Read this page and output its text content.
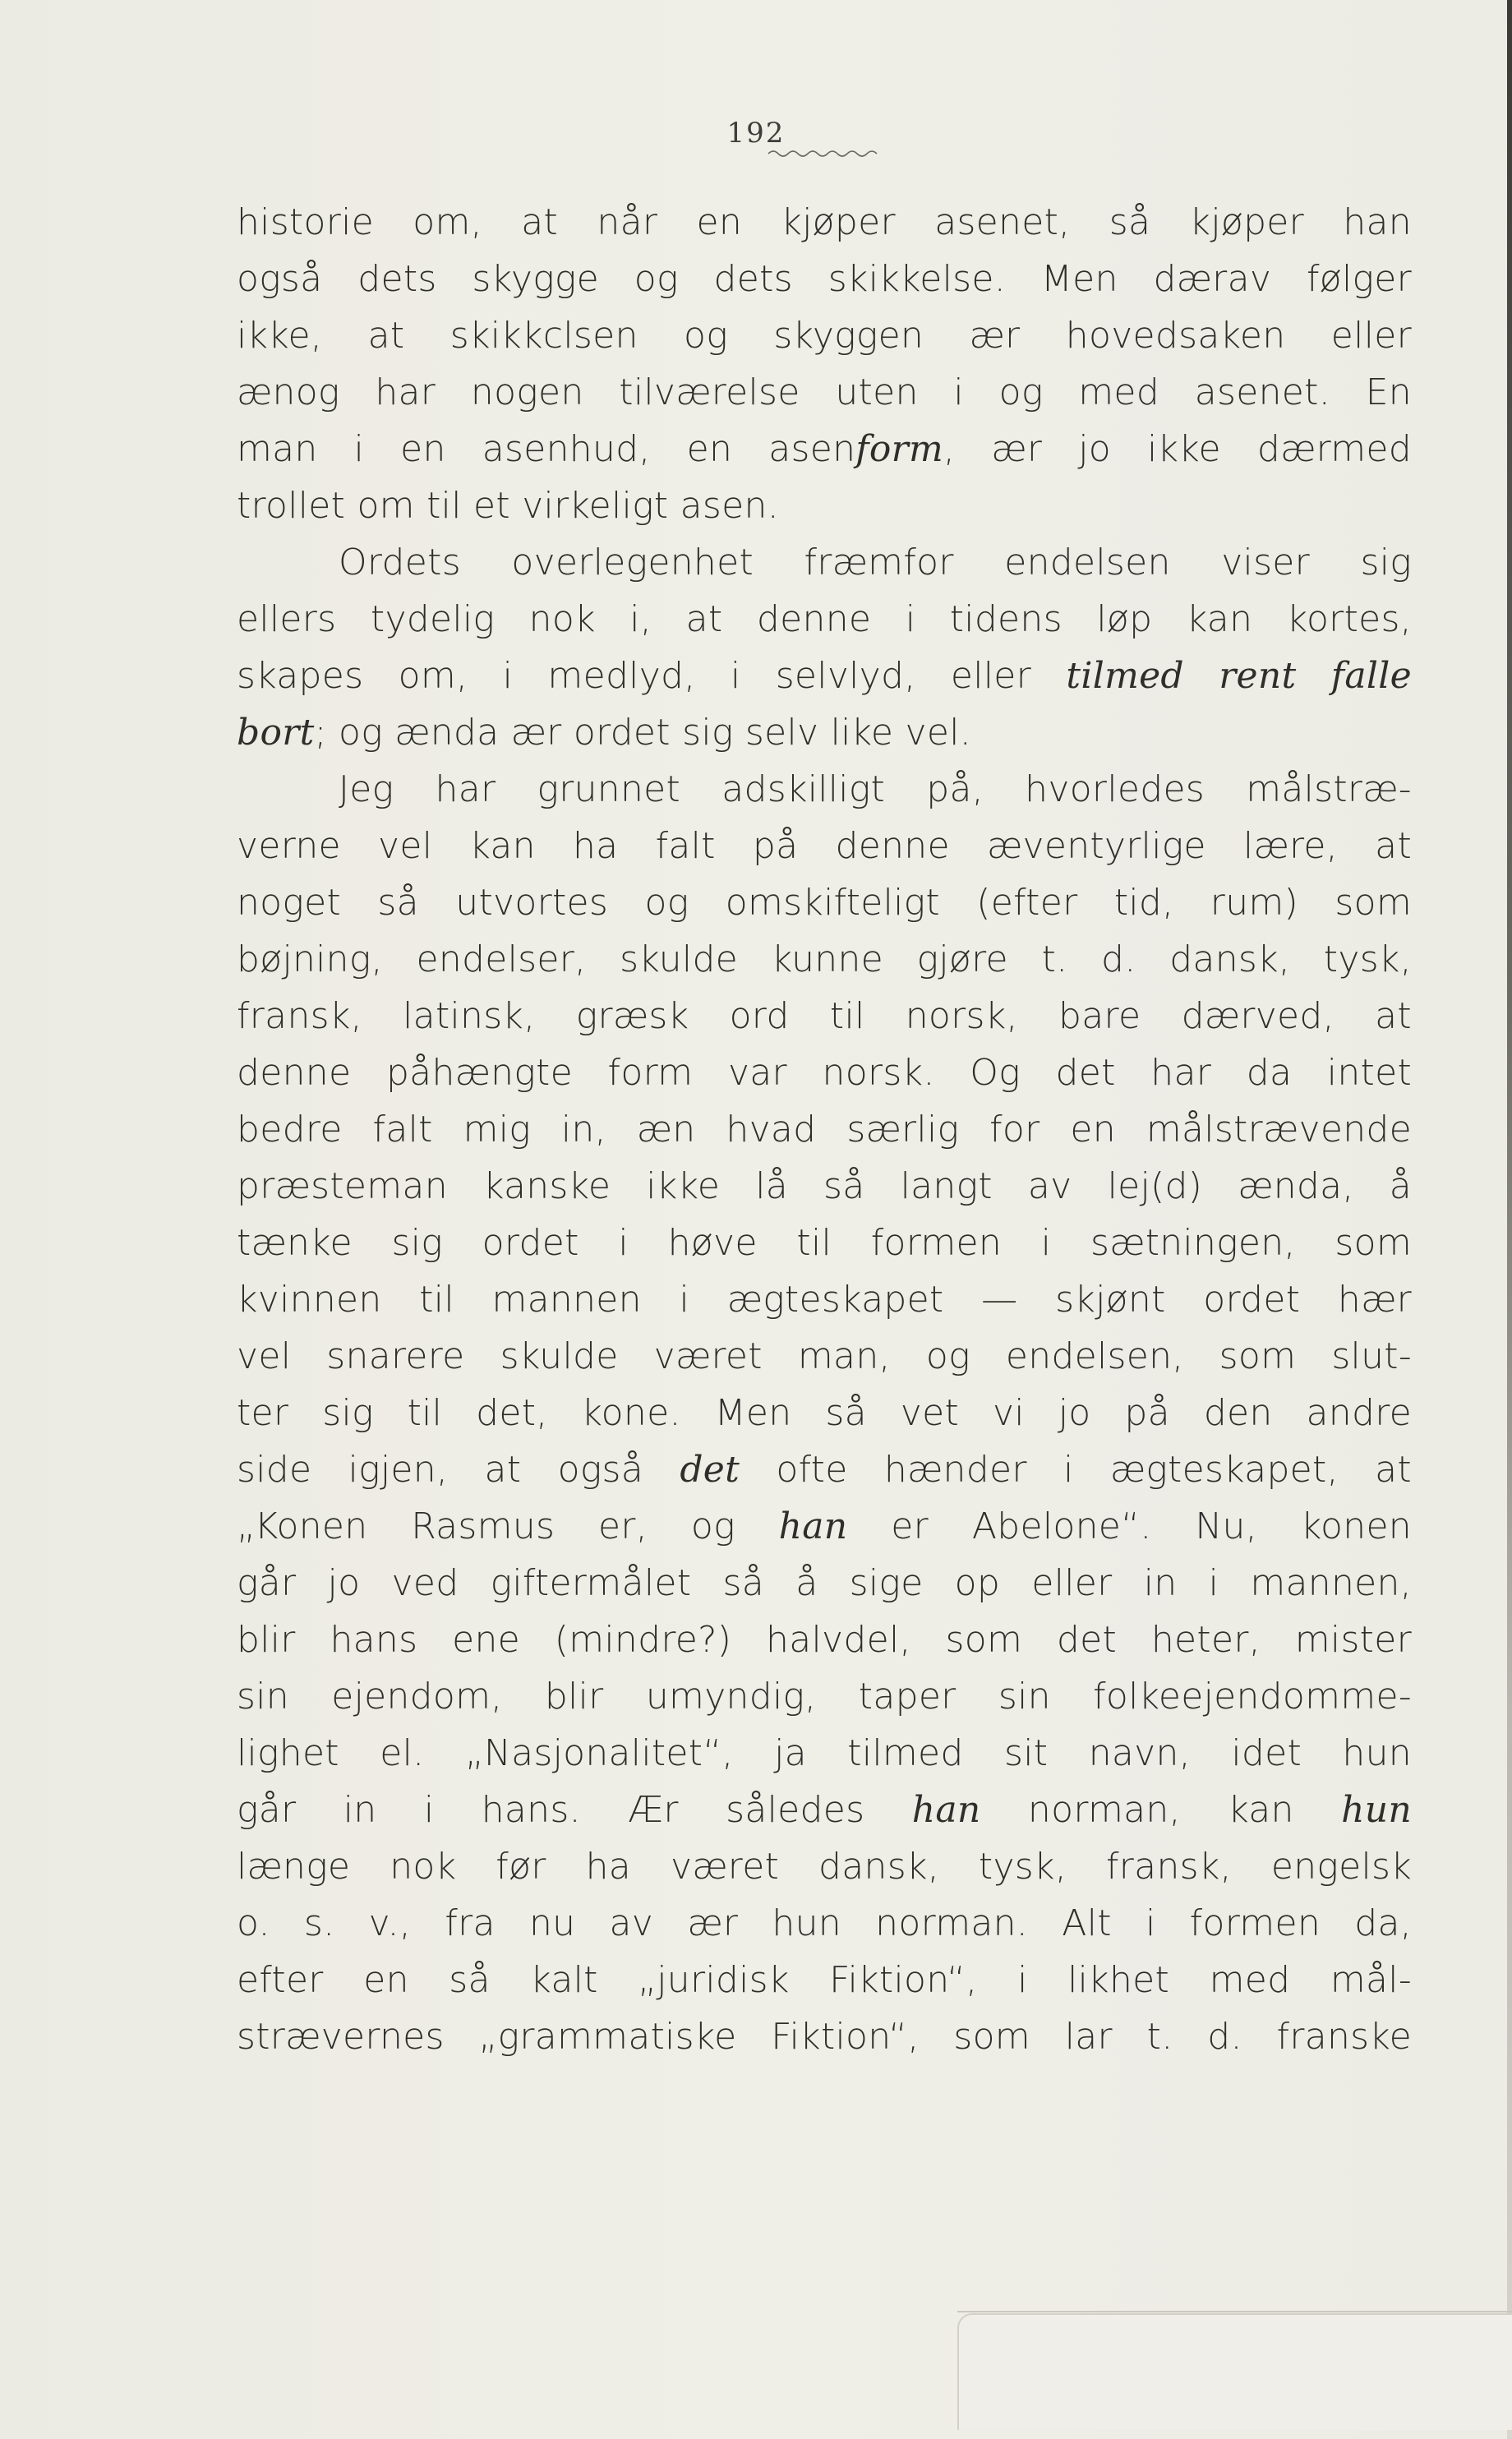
192
historie om, at når en kjøper asenet, så kjøper han
også dets skygge og dets skikkelse. Men dærav følger
ikke, at skikkclsen og skyggen ær hovedsaken eller
ænog har nogen tilværelse uten i og med asenet. En
man i en asenhud, en asenform, ær jo ikke dærmed
trollet om til et virkeligt asen.
Ordets overlegenhet fræmfor endelsen viser sig
ellers tydelig nok i, at denne i tidens løp kan kortes,
skapes om, i medlyd, i selvlyd, eller tilmed rent falle
bort; og ænda ær ordet sig selv like vel.
Jeg har grunnet adskilligt på, hvorledes målstræ-
verne vel kan ha falt på denne æventyrlige lære, at
noget så utvortes og omskifteligt (efter tid, rum) som
bøjning, endelser, skulde kunne gjøre t. d. dansk, tysk,
fransk, latinsk, græsk ord til norsk, bare dærved, at
denne påhængte form var norsk. Og det har da intet
bedre falt mig in, æn hvad særlig for en målstrævende
præsteman kanske ikke lå så langt av lej(d) ænda, å
tænke sig ordet i høve til formen i sætningen, som
kvinnen til mannen i ægteskapet — skjønt ordet hær
vel snarere skulde været man, og endelsen, som slut-
ter sig til det, kone. Men så vet vi jo på den andre
side igjen, at også det ofte hænder i ægteskapet, at
„Konen Rasmus er, og han er Abelone“. Nu, konen
går jo ved giftermålet så å sige op eller in i mannen,
blir hans ene (mindre?) halvdel, som det heter, mister
sin ejendom, blir umyndig, taper sin folkeejendomme-
lighet el. „Nasjonalitet“, ja tilmed sit navn, idet hun
går in i hans. Ær således han norman, kan hun
længe nok før ha været dansk, tysk, fransk, engelsk
o. s. v., fra nu av ær hun norman. Alt i formen da,
efter en så kalt „juridisk Fiktion“, i likhet med mål-
strævernes „grammatiske Fiktion“, som lar t. d. franske
